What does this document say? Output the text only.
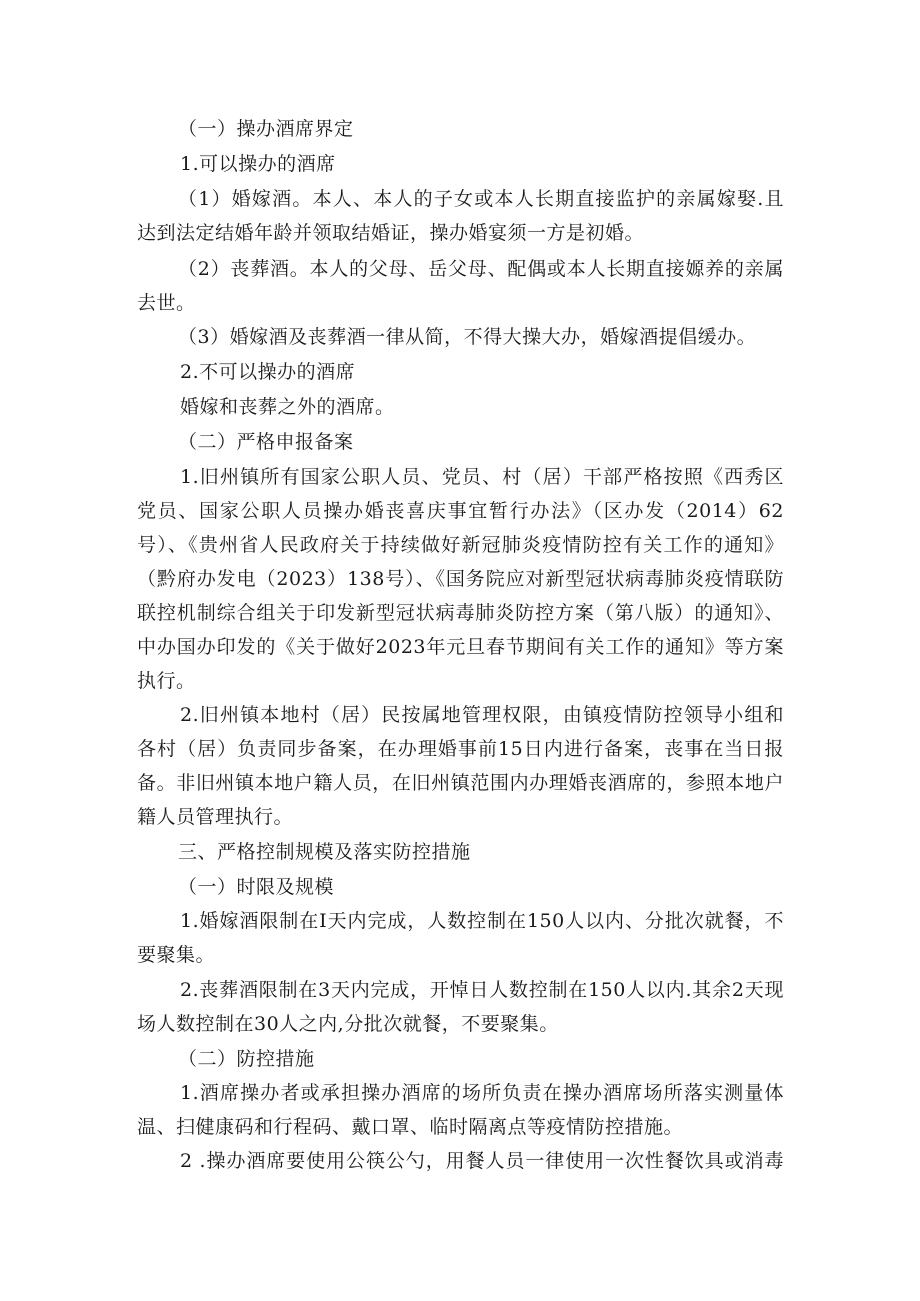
（一）操办酒席界定
1.可以操办的酒席
（1）婚嫁酒。本人、本人的子女或本人长期直接监护的亲属嫁娶.且
达到法定结婚年龄并领取结婚证，操办婚宴须一方是初婚。
（2）丧葬酒。本人的父母、岳父母、配偶或本人长期直接嫄养的亲属
去世。
（3）婚嫁酒及丧葬酒一律从简，不得大操大办，婚嫁酒提倡缓办。
2.不可以操办的酒席
婚嫁和丧葬之外的酒席。
（二）严格申报备案
1.旧州镇所有国家公职人员、党员、村（居）干部严格按照《西秀区
党员、国家公职人员操办婚丧喜庆事宜暂行办法》（区办发（2014）62
号）、《贵州省人民政府关于持续做好新冠肺炎疫情防控有关工作的通知》
（黔府办发电（2023）138号）、《国务院应对新型冠状病毒肺炎疫情联防
联控机制综合组关于印发新型冠状病毒肺炎防控方案（第八版）的通知》、
中办国办印发的《关于做好2023年元旦春节期间有关工作的通知》等方案
执行。
2.旧州镇本地村（居）民按属地管理权限，由镇疫情防控领导小组和
各村（居）负责同步备案，在办理婚事前15日内进行备案，丧事在当日报
备。非旧州镇本地户籍人员，在旧州镇范围内办理婚丧酒席的，参照本地户
籍人员管理执行。
三、严格控制规模及落实防控措施
（一）时限及规模
1.婚嫁酒限制在I天内完成，人数控制在150人以内、分批次就餐，不
要聚集。
2.丧葬酒限制在3天内完成，开悼日人数控制在150人以内.其余2天现
场人数控制在30人之内,分批次就餐，不要聚集。
（二）防控措施
1.酒席操办者或承担操办酒席的场所负责在操办酒席场所落实测量体
温、扫健康码和行程码、戴口罩、临时隔离点等疫情防控措施。
2 .操办酒席要使用公筷公勺，用餐人员一律使用一次性餐饮具或消毒
